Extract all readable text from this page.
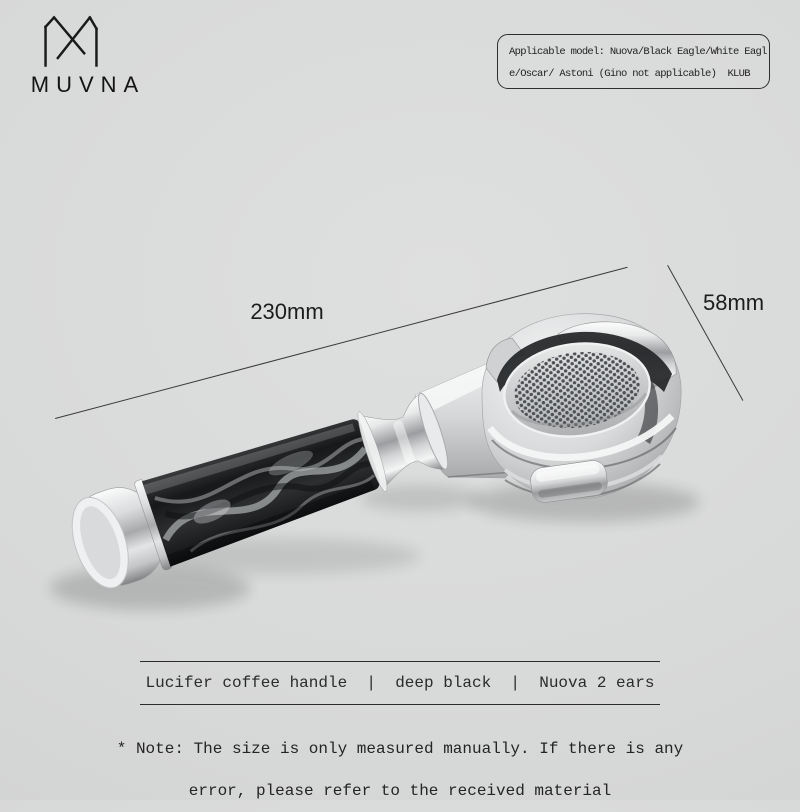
MUVNA
Applicable model: Nuova/Black Eagle/White Eagl
e/Oscar/ Astoni (Gino not applicable)  KLUB
230mm	58mm
Lucifer coffee handle  |  deep black  |  Nuova 2 ears
* Note: The size is only measured manually. If there is any
error, please refer to the received material
